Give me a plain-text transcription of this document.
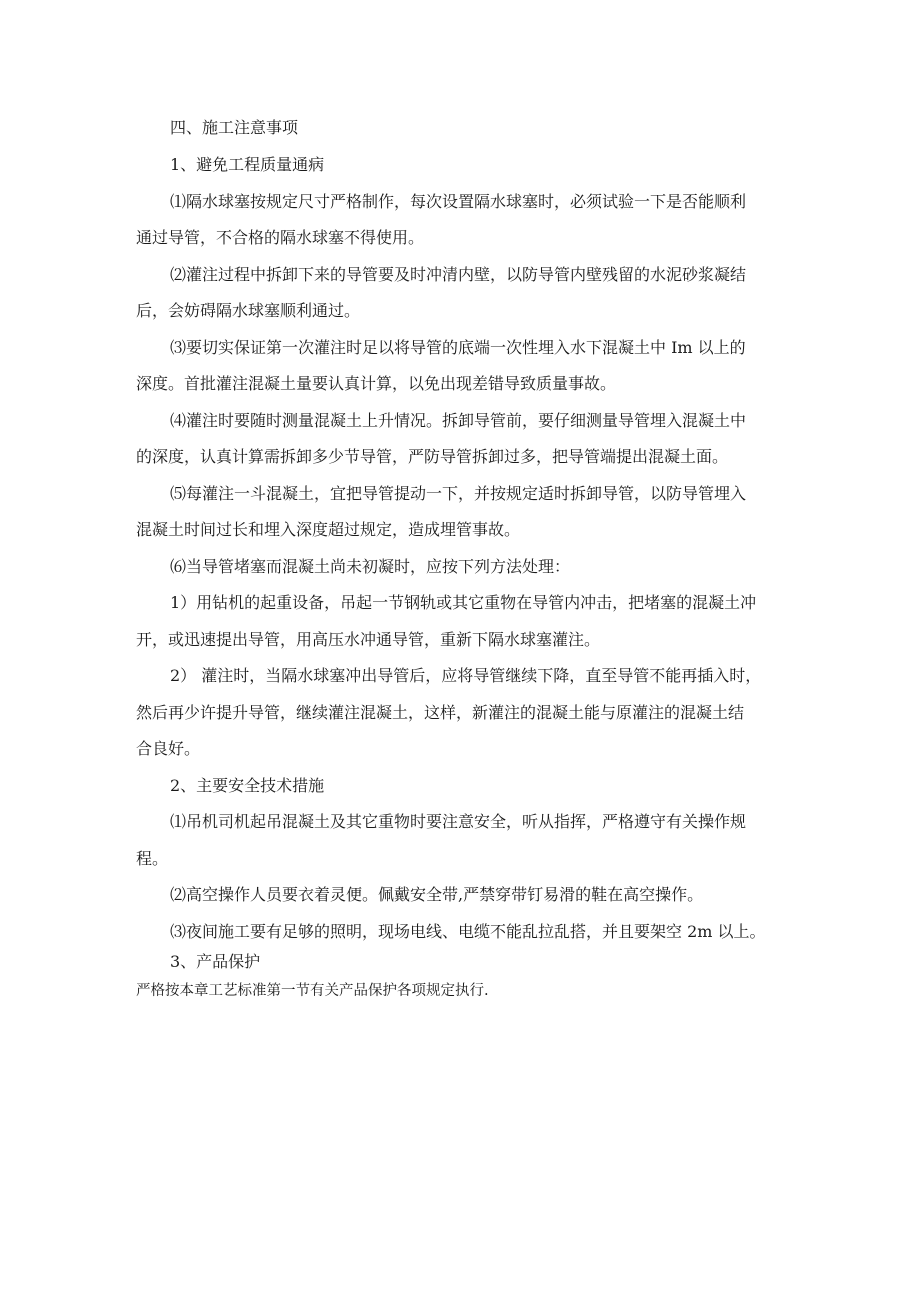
四、施工注意事项

1、避免工程质量通病

⑴隔水球塞按规定尺寸严格制作，每次设置隔水球塞时，必须试验一下是否能顺利

通过导管，不合格的隔水球塞不得使用。

⑵灌注过程中拆卸下来的导管要及时冲清内壁，以防导管内壁残留的水泥砂浆凝结

后，会妨碍隔水球塞顺利通过。

⑶要切实保证第一次灌注时足以将导管的底端一次性埋入水下混凝土中 Im 以上的

深度。首批灌注混凝土量要认真计算，以免出现差错导致质量事故。

⑷灌注时要随时测量混凝土上升情况。拆卸导管前，要仔细测量导管埋入混凝土中

的深度，认真计算需拆卸多少节导管，严防导管拆卸过多，把导管端提出混凝土面。

⑸每灌注一斗混凝土，宜把导管提动一下，并按规定适时拆卸导管，以防导管埋入

混凝土时间过长和埋入深度超过规定，造成埋管事故。

⑹当导管堵塞而混凝土尚未初凝时，应按下列方法处理：

1）用钻机的起重设备，吊起一节钢轨或其它重物在导管内冲击，把堵塞的混凝土冲

开，或迅速提出导管，用高压水冲通导管，重新下隔水球塞灌注。

2） 灌注时，当隔水球塞冲出导管后，应将导管继续下降，直至导管不能再插入时，

然后再少许提升导管，继续灌注混凝土，这样，新灌注的混凝土能与原灌注的混凝土结

合良好。

2、主要安全技术措施

⑴吊机司机起吊混凝土及其它重物时要注意安全，听从指挥，严格遵守有关操作规

程。

⑵高空操作人员要衣着灵便。佩戴安全带,严禁穿带钉易滑的鞋在高空操作。

⑶夜间施工要有足够的照明，现场电线、电缆不能乱拉乱搭，并且要架空 2m 以上。

3、产品保护

严格按本章工艺标准第一节有关产品保护各项规定执行.
